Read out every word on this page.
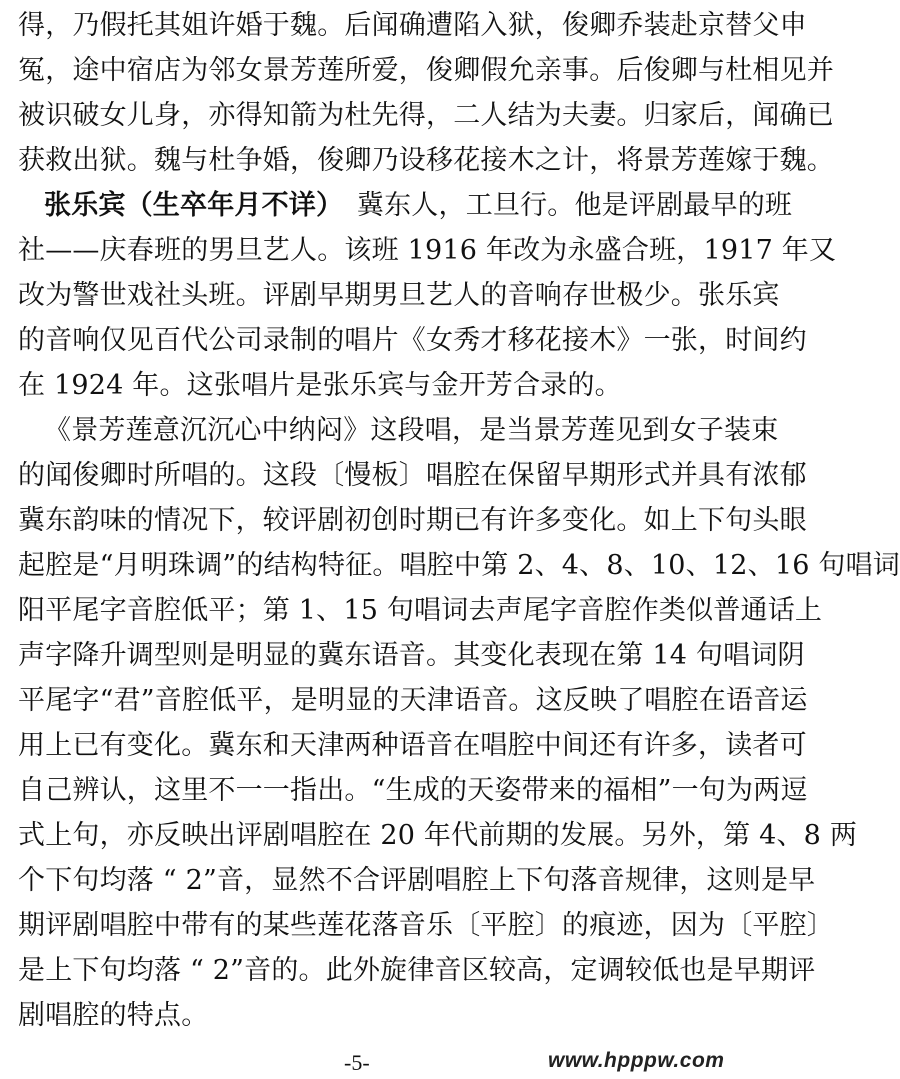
得，乃假托其姐许婚于魏。后闻确遭陷入狱，俊卿乔装赴京替父申
冤，途中宿店为邻女景芳莲所爱，俊卿假允亲事。后俊卿与杜相见并
被识破女儿身，亦得知箭为杜先得，二人结为夫妻。归家后，闻确已
获救出狱。魏与杜争婚，俊卿乃设移花接木之计，将景芳莲嫁于魏。
张乐宾（生卒年月不详）　 冀东人，工旦行。他是评剧最早的班
社——庆春班的男旦艺人。该班 1916 年改为永盛合班，1917 年又
改为警世戏社头班。评剧早期男旦艺人的音响存世极少。张乐宾
的音响仅见百代公司录制的唱片《女秀才移花接木》一张，时间约
在 1924 年。这张唱片是张乐宾与金开芳合录的。
《景芳莲意沉沉心中纳闷》这段唱，是当景芳莲见到女子装束
的闻俊卿时所唱的。这段〔慢板〕唱腔在保留早期形式并具有浓郁
冀东韵味的情况下，较评剧初创时期已有许多变化。如上下句头眼
起腔是“月明珠调”的结构特征。唱腔中第 2、4、8、10、12、16 句唱词
阳平尾字音腔低平；第 1、15 句唱词去声尾字音腔作类似普通话上
声字降升调型则是明显的冀东语音。其变化表现在第 14 句唱词阴
平尾字“君”音腔低平，是明显的天津语音。这反映了唱腔在语音运
用上已有变化。冀东和天津两种语音在唱腔中间还有许多，读者可
自己辨认，这里不一一指出。“生成的天姿带来的福相”一句为两逗
式上句，亦反映出评剧唱腔在 20 年代前期的发展。另外，第 4、8 两
个下句均落 “ 2”音，显然不合评剧唱腔上下句落音规律，这则是早
期评剧唱腔中带有的某些莲花落音乐〔平腔〕的痕迹，因为〔平腔〕
是上下句均落 “ 2”音的。此外旋律音区较高，定调较低也是早期评
剧唱腔的特点。
-5-	www.hpppw.com
